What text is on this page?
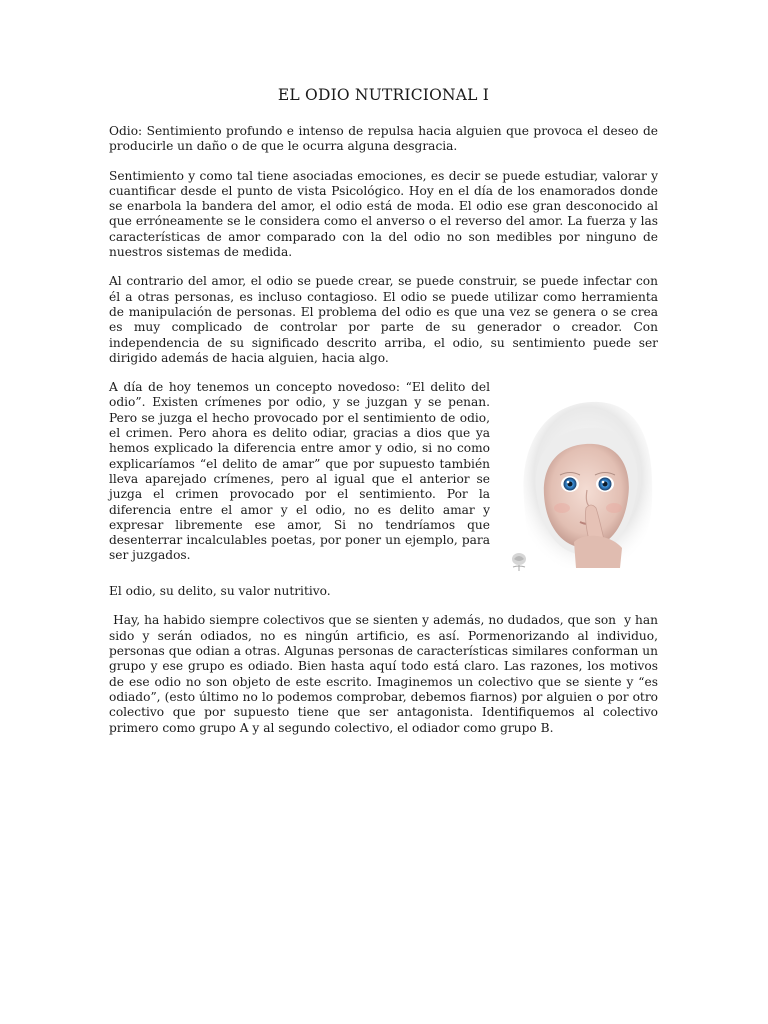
EL ODIO NUTRICIONAL I

Odio: Sentimiento profundo e intenso de repulsa hacia alguien que provoca el deseo de producirle un daño o de que le ocurra alguna desgracia.

Sentimiento y como tal tiene asociadas emociones, es decir se puede estudiar, valorar y cuantificar desde el punto de vista Psicológico. Hoy en el día de los enamorados donde se enarbola la bandera del amor, el odio está de moda. El odio ese gran desconocido al que erróneamente se le considera como el anverso o el reverso del amor. La fuerza y las características de amor comparado con la del odio no son medibles por ninguno de nuestros sistemas de medida.

Al contrario del amor, el odio se puede crear, se puede construir, se puede infectar con él a otras personas, es incluso contagioso. El odio se puede utilizar como herramienta de manipulación de personas. El problema del odio es que una vez se genera o se crea es muy complicado de controlar por parte de su generador o creador. Con independencia de su significado descrito arriba, el odio, su sentimiento puede ser dirigido además de hacia alguien, hacia algo.

A día de hoy tenemos un concepto novedoso: “El delito del odio”. Existen crímenes por odio, y se juzgan y se penan. Pero se juzga el hecho provocado por el sentimiento de odio, el crimen. Pero ahora es delito odiar, gracias a dios que ya hemos explicado la diferencia entre amor y odio, si no como explicaríamos “el delito de amar” que por supuesto también lleva aparejado crímenes, pero al igual que el anterior se juzga el crimen provocado por el sentimiento. Por la diferencia entre el amor y el odio, no es delito amar y expresar libremente ese amor, Si no tendríamos que desenterrar incalculables poetas, por poner un ejemplo, para ser juzgados.

El odio, su delito, su valor nutritivo.

Hay, ha habido siempre colectivos que se sienten y además, no dudados, que son  y han sido y serán odiados, no es ningún artificio, es así. Pormenorizando al individuo, personas que odian a otras. Algunas personas de características similares conforman un grupo y ese grupo es odiado. Bien hasta aquí todo está claro. Las razones, los motivos de ese odio no son objeto de este escrito. Imaginemos un colectivo que se siente y “es odiado”, (esto último no lo podemos comprobar, debemos fiarnos) por alguien o por otro colectivo que por supuesto tiene que ser antagonista. Identifiquemos al colectivo primero como grupo A y al segundo colectivo, el odiador como grupo B.
